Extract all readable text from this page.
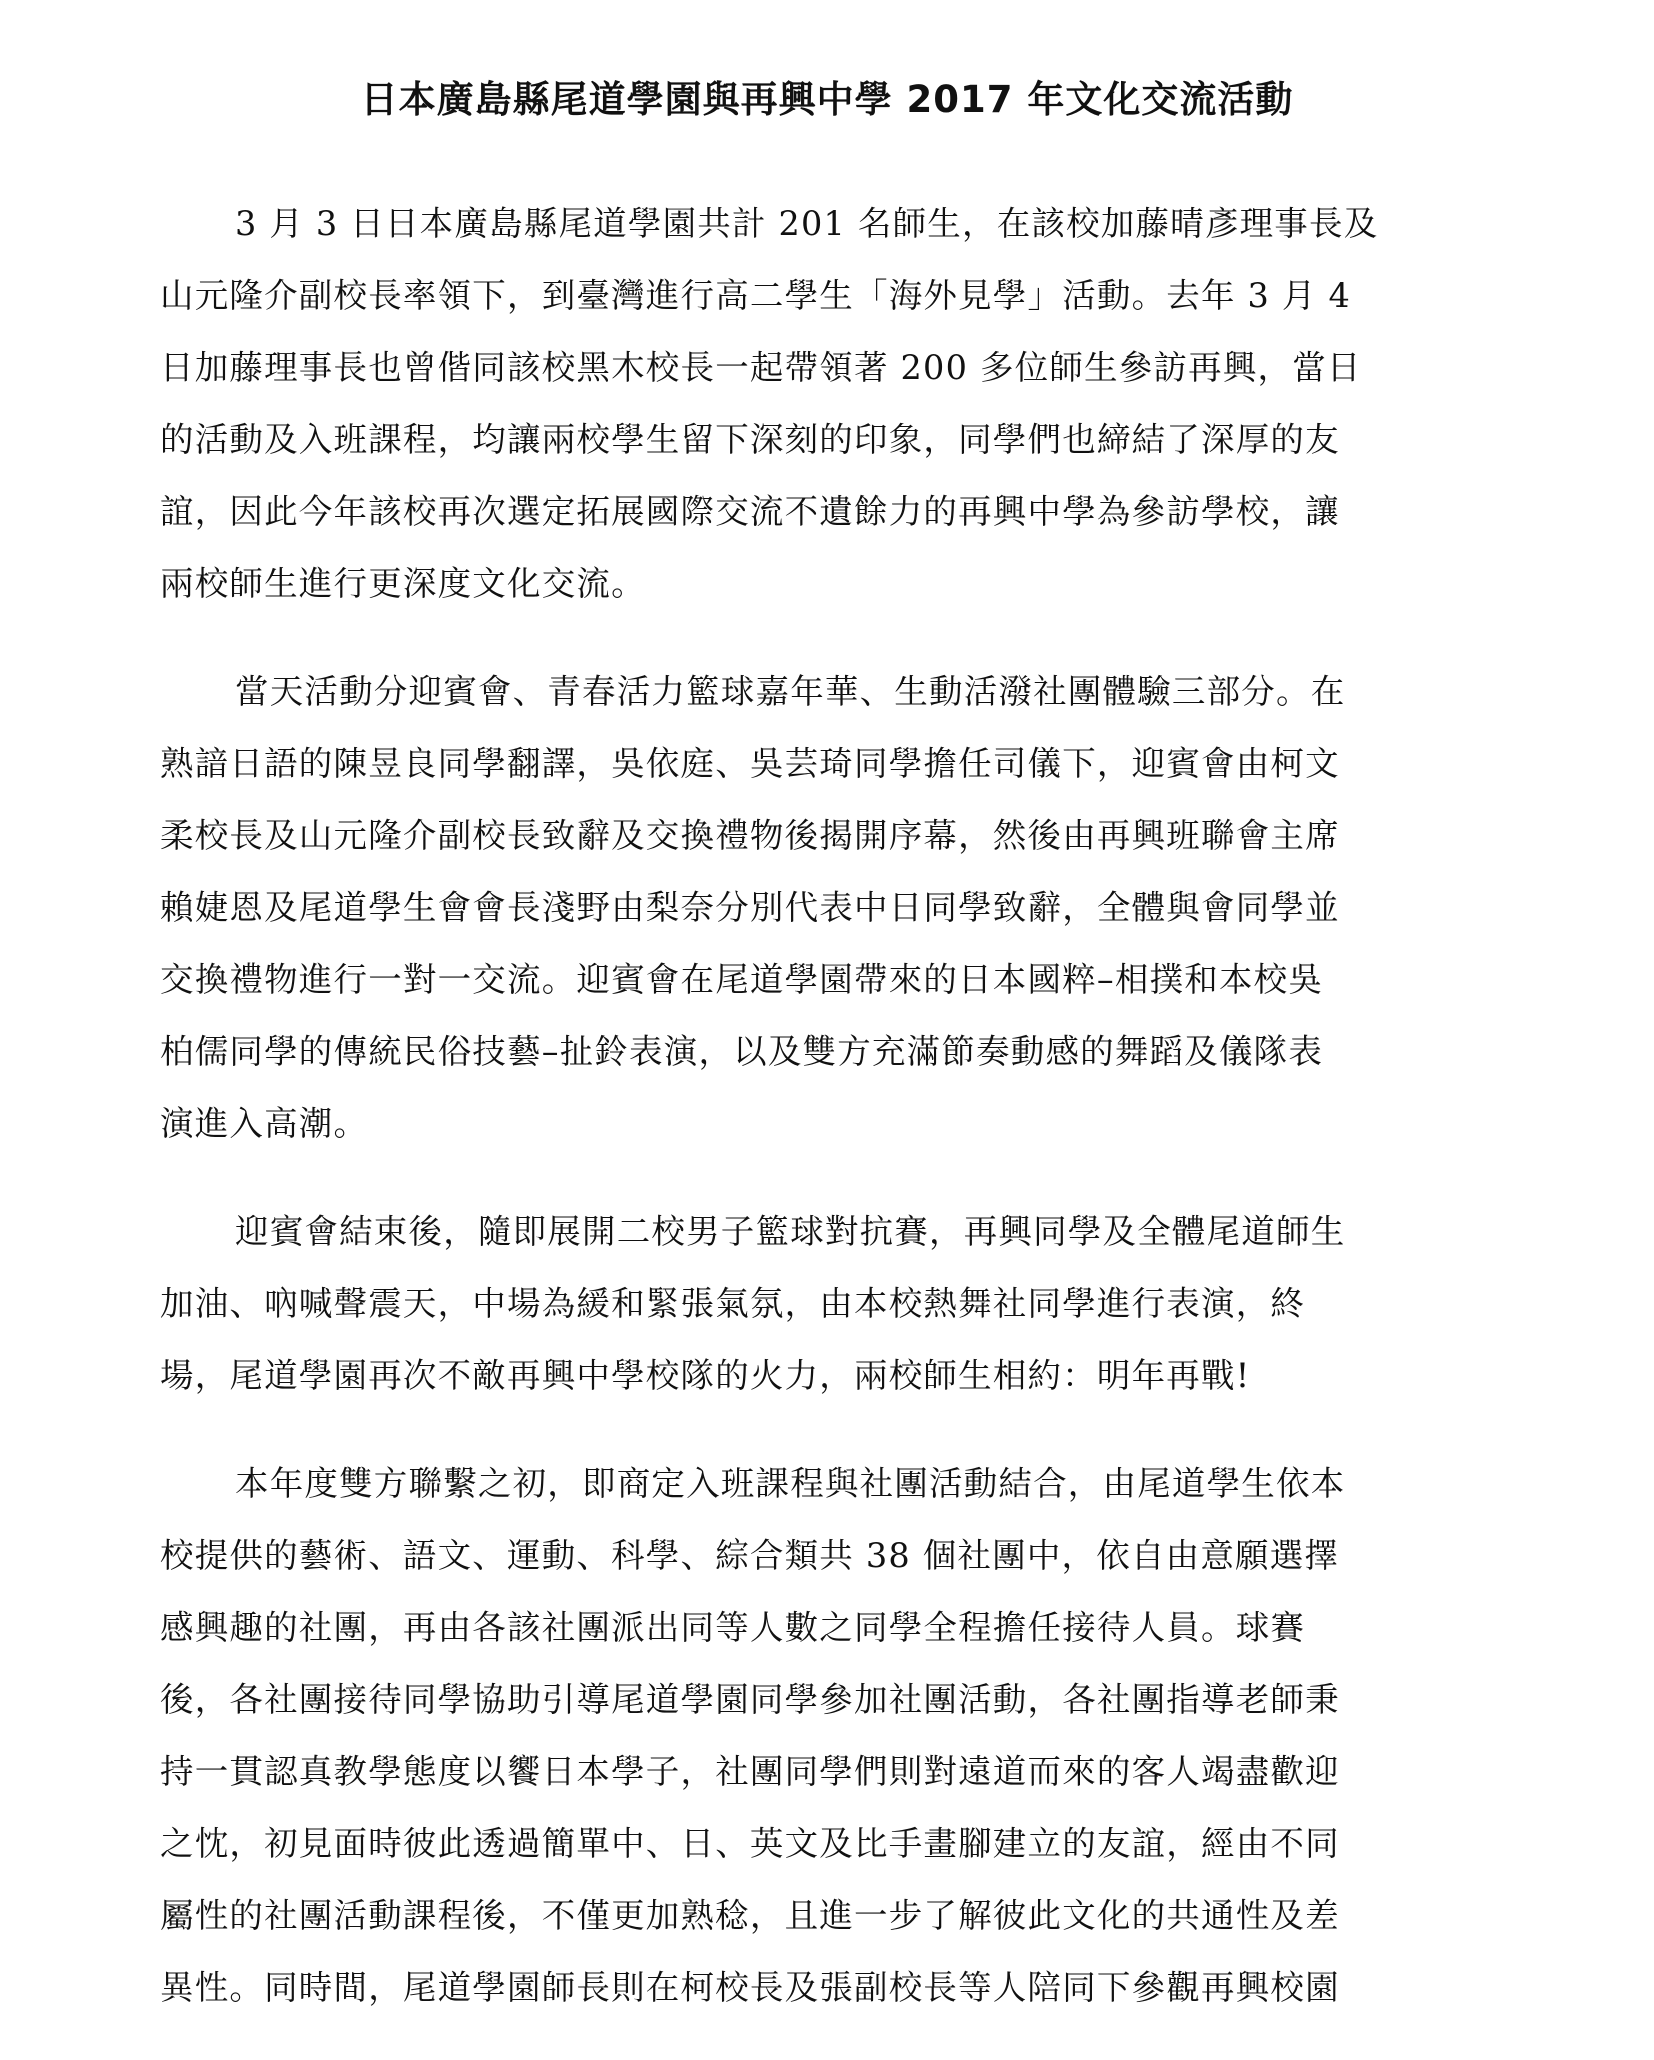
日本廣島縣尾道學園與再興中學 2017 年文化交流活動

3 月 3 日日本廣島縣尾道學園共計 201 名師生，在該校加藤晴彥理事長及
山元隆介副校長率領下，到臺灣進行高二學生「海外見學」活動。去年 3 月 4
日加藤理事長也曾偕同該校黑木校長一起帶領著 200 多位師生參訪再興，當日
的活動及入班課程，均讓兩校學生留下深刻的印象，同學們也締結了深厚的友
誼，因此今年該校再次選定拓展國際交流不遺餘力的再興中學為參訪學校，讓
兩校師生進行更深度文化交流。

當天活動分迎賓會、青春活力籃球嘉年華、生動活潑社團體驗三部分。在
熟諳日語的陳昱良同學翻譯，吳依庭、吳芸琦同學擔任司儀下，迎賓會由柯文
柔校長及山元隆介副校長致辭及交換禮物後揭開序幕，然後由再興班聯會主席
賴婕恩及尾道學生會會長淺野由梨奈分別代表中日同學致辭，全體與會同學並
交換禮物進行一對一交流。迎賓會在尾道學園帶來的日本國粹–相撲和本校吳
柏儒同學的傳統民俗技藝–扯鈴表演，以及雙方充滿節奏動感的舞蹈及儀隊表
演進入高潮。

迎賓會結束後，隨即展開二校男子籃球對抗賽，再興同學及全體尾道師生
加油、吶喊聲震天，中場為緩和緊張氣氛，由本校熱舞社同學進行表演，終
場，尾道學園再次不敵再興中學校隊的火力，兩校師生相約：明年再戰!

本年度雙方聯繫之初，即商定入班課程與社團活動結合，由尾道學生依本
校提供的藝術、語文、運動、科學、綜合類共 38 個社團中，依自由意願選擇
感興趣的社團，再由各該社團派出同等人數之同學全程擔任接待人員。球賽
後，各社團接待同學協助引導尾道學園同學參加社團活動，各社團指導老師秉
持一貫認真教學態度以饗日本學子，社團同學們則對遠道而來的客人竭盡歡迎
之忱，初見面時彼此透過簡單中、日、英文及比手畫腳建立的友誼，經由不同
屬性的社團活動課程後，不僅更加熟稔，且進一步了解彼此文化的共通性及差
異性。同時間，尾道學園師長則在柯校長及張副校長等人陪同下參觀再興校園
